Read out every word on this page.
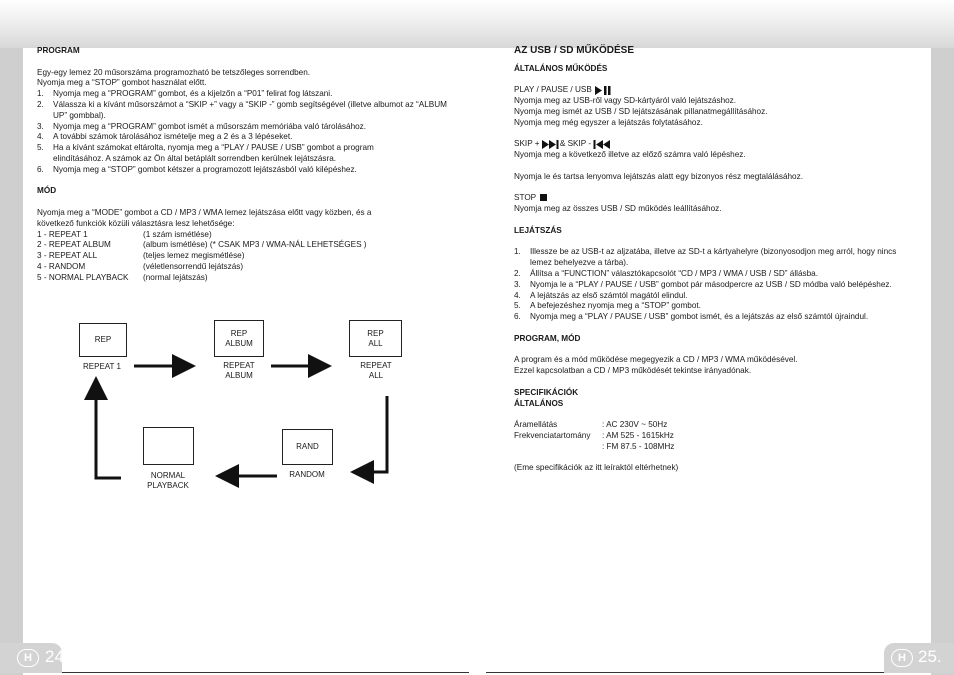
PROGRAM

Egy-egy lemez 20 műsorszáma programozható be tetszőleges sorrendben.

Nyomja meg a “STOP” gombot használat előtt.

1.	Nyomja meg a “PROGRAM” gombot, és a kijelzőn a “P01” felirat fog látszani.
2.	Válassza ki a kívánt műsorszámot a “SKIP +” vagy a “SKIP -” gomb segítségével (illetve albumot az “ALBUM UP” gombbal).
3.	Nyomja meg a “PROGRAM” gombot ismét a műsorszám memóriába való tárolásához.
4.	A további számok tárolásához ismételje meg a 2 és a 3 lépéseket.
5.	Ha a kívánt számokat eltárolta, nyomja meg a “PLAY / PAUSE / USB” gombot a program elindításához. A számok az Ön által betáplált sorrendben kerülnek lejátszásra.
6.	Nyomja meg a “STOP” gombot kétszer a programozott lejátszásból való kilépéshez.

MÓD

Nyomja meg a “MODE” gombot a CD / MP3 / WMA lemez lejátszása előtt vagy közben, és a

következő funkciók közüli választásra lesz lehetősége:

1 - REPEAT 1	(1 szám ismétlése)
2 - REPEAT ALBUM	(album ismétlése) (* CSAK MP3 / WMA-NÁL LEHETSÉGES )
3 - REPEAT ALL	(teljes lemez megismétlése)
4 - RANDOM	(véletlensorrendű lejátszás)
5 - NORMAL PLAYBACK	(normal lejátszás)
REP
REP
ALBUM
REP
ALL
RAND
REPEAT 1	REPEAT
ALBUM
REPEAT
ALL
RANDOM
NORMAL
PLAYBACK

AZ USB / SD MŰKÖDÉSE

ÁLTALÁNOS MŰKÖDÉS

PLAY / PAUSE / USB

Nyomja meg az USB-ről vagy SD-kártyáról való lejátszáshoz.

Nyomja meg ismét az USB / SD lejátszásának pillanatmegállításához.

Nyomja meg még egyszer a lejátszás folytatásához.

SKIP + & SKIP -

Nyomja meg a következő illetve az előző számra való lépéshez.

Nyomja le és tartsa lenyomva lejátszás alatt egy bizonyos rész megtalálásához.

STOP

Nyomja meg az összes USB / SD működés leállításához.

LEJÁTSZÁS

1.	Illessze be az USB-t az aljzatába, illetve az SD-t a kártyahelyre (bizonyosodjon meg arról, hogy nincs lemez behelyezve a tárba).
2.	Állítsa a “FUNCTION” választókapcsolót “CD / MP3 / WMA / USB / SD” állásba.
3.	Nyomja le a “PLAY / PAUSE / USB” gombot pár másodpercre az USB / SD módba való belépéshez.
4.	A lejátszás az első számtól magától elindul.
5.	A befejezéshez nyomja meg a “STOP” gombot.
6.	Nyomja meg a “PLAY / PAUSE / USB” gombot ismét, és a lejátszás az első számtól újraindul.

PROGRAM, MÓD

A program és a mód működése megegyezik a CD / MP3 / WMA működésével.

Ezzel kapcsolatban a CD / MP3 működését tekintse irányadónak.

SPECIFIKÁCIÓK

ÁLTALÁNOS

Áramellátás	: AC 230V ~ 50Hz
Frekvenciatartomány	: AM 525 - 1615kHz
: FM 87.5 - 108MHz

(Eme specifikációk az itt leíraktól eltérhetnek)

H 24.	H 25.
